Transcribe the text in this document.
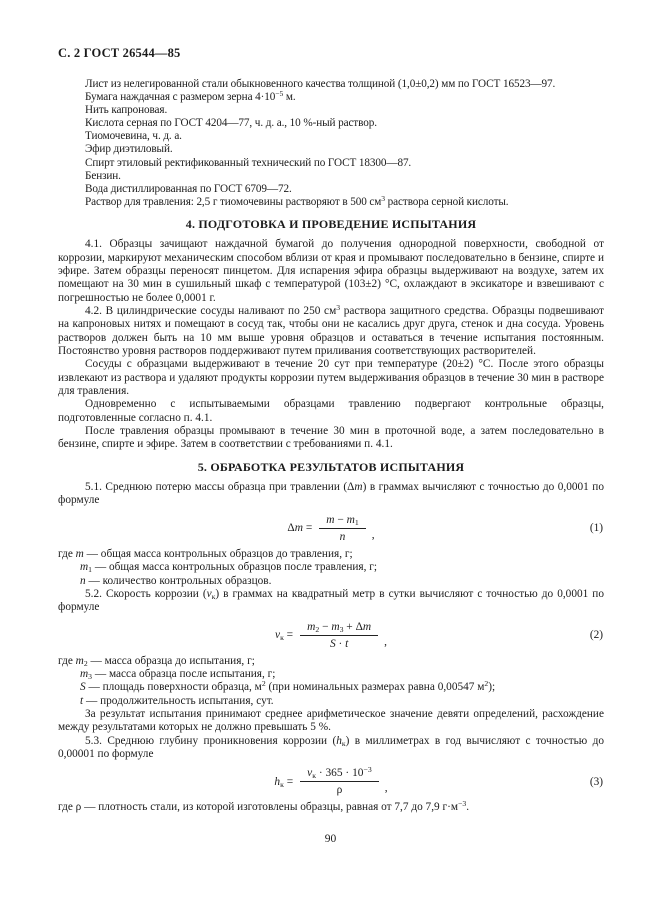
С. 2 ГОСТ 26544—85
Лист из нелегированной стали обыкновенного качества толщиной (1,0±0,2) мм по ГОСТ 16523—97.
Бумага наждачная с размером зерна $4\cdot 10^{-5}$ м.
Нить капроновая.
Кислота серная по ГОСТ 4204—77, ч. д. а., 10 %-ный раствор.
Тиомочевина, ч. д. а.
Эфир диэтиловый.
Спирт этиловый ректификованный технический по ГОСТ 18300—87.
Бензин.
Вода дистиллированная по ГОСТ 6709—72.
Раствор для травления: 2,5 г тиомочевины растворяют в 500 $см^3$ раствора серной кислоты.
4. ПОДГОТОВКА И ПРОВЕДЕНИЕ ИСПЫТАНИЯ

4.1. Образцы зачищают наждачной бумагой до получения однородной поверхности, свободной от коррозии, маркируют механическим способом вблизи от края и промывают последовательно в бензине, спирте и эфире. Затем образцы переносят пинцетом. Для испарения эфира образцы выдерживают на воздухе, затем их помещают на 30 мин в сушильный шкаф с температурой (103±2) °С, охлаждают в эксикаторе и взвешивают с погрешностью не более 0,0001 г.

4.2. В цилиндрические сосуды наливают по 250 $см^3$ раствора защитного средства. Образцы подвешивают на капроновых нитях и помещают в сосуд так, чтобы они не касались друг друга, стенок и дна сосуда. Уровень растворов должен быть на 10 мм выше уровня образцов и оставаться в течение испытания постоянным. Постоянство уровня растворов поддерживают путем приливания соответствующих растворителей.

Сосуды с образцами выдерживают в течение 20 сут при температуре (20±2) °С. После этого образцы извлекают из раствора и удаляют продукты коррозии путем выдерживания образцов в течение 30 мин в растворе для травления.

Одновременно с испытываемыми образцами травлению подвергают контрольные образцы, подготовленные согласно п. 4.1.

После травления образцы промывают в течение 30 мин в проточной воде, а затем последовательно в бензине, спирте и эфире. Затем в соответствии с требованиями п. 4.1.

5. ОБРАБОТКА РЕЗУЛЬТАТОВ ИСПЫТАНИЯ

5.1. Среднюю потерю массы образца при травлении (Δm) в граммах вычисляют с точностью до 0,0001 по формуле

$\Delta m = \frac{m - m_1}{n}$ ,
(1)
где m — общая масса контрольных образцов до травления, г;
$m_1$ — общая масса контрольных образцов после травления, г;
n — количество контрольных образцов.

5.2. Скорость коррозии $(v_к)$ в граммах на квадратный метр в сутки вычисляют с точностью до 0,0001 по формуле

$v_к = \frac{m_2 - m_3 + \Delta m}{S \cdot t}$ ,
(2)
где $m_2$ — масса образца до испытания, г;
$m_3$ — масса образца после испытания, г;
S — площадь поверхности образца, $м^2$ (при номинальных размерах равна 0,00547 $м^2$);
t — продолжительность испытания, сут.

За результат испытания принимают среднее арифметическое значение девяти определений, расхождение между результатами которых не должно превышать 5 %.

5.3. Среднюю глубину проникновения коррозии $(h_к)$ в миллиметрах в год вычисляют с точностью до 0,00001 по формуле

$h_к = \frac{v_к \cdot 365 \cdot 10^{-3}}{\rho}$ ,
(3)
где ρ — плотность стали, из которой изготовлены образцы, равная от 7,7 до 7,9 $г\cdot м^{-3}$.
90
